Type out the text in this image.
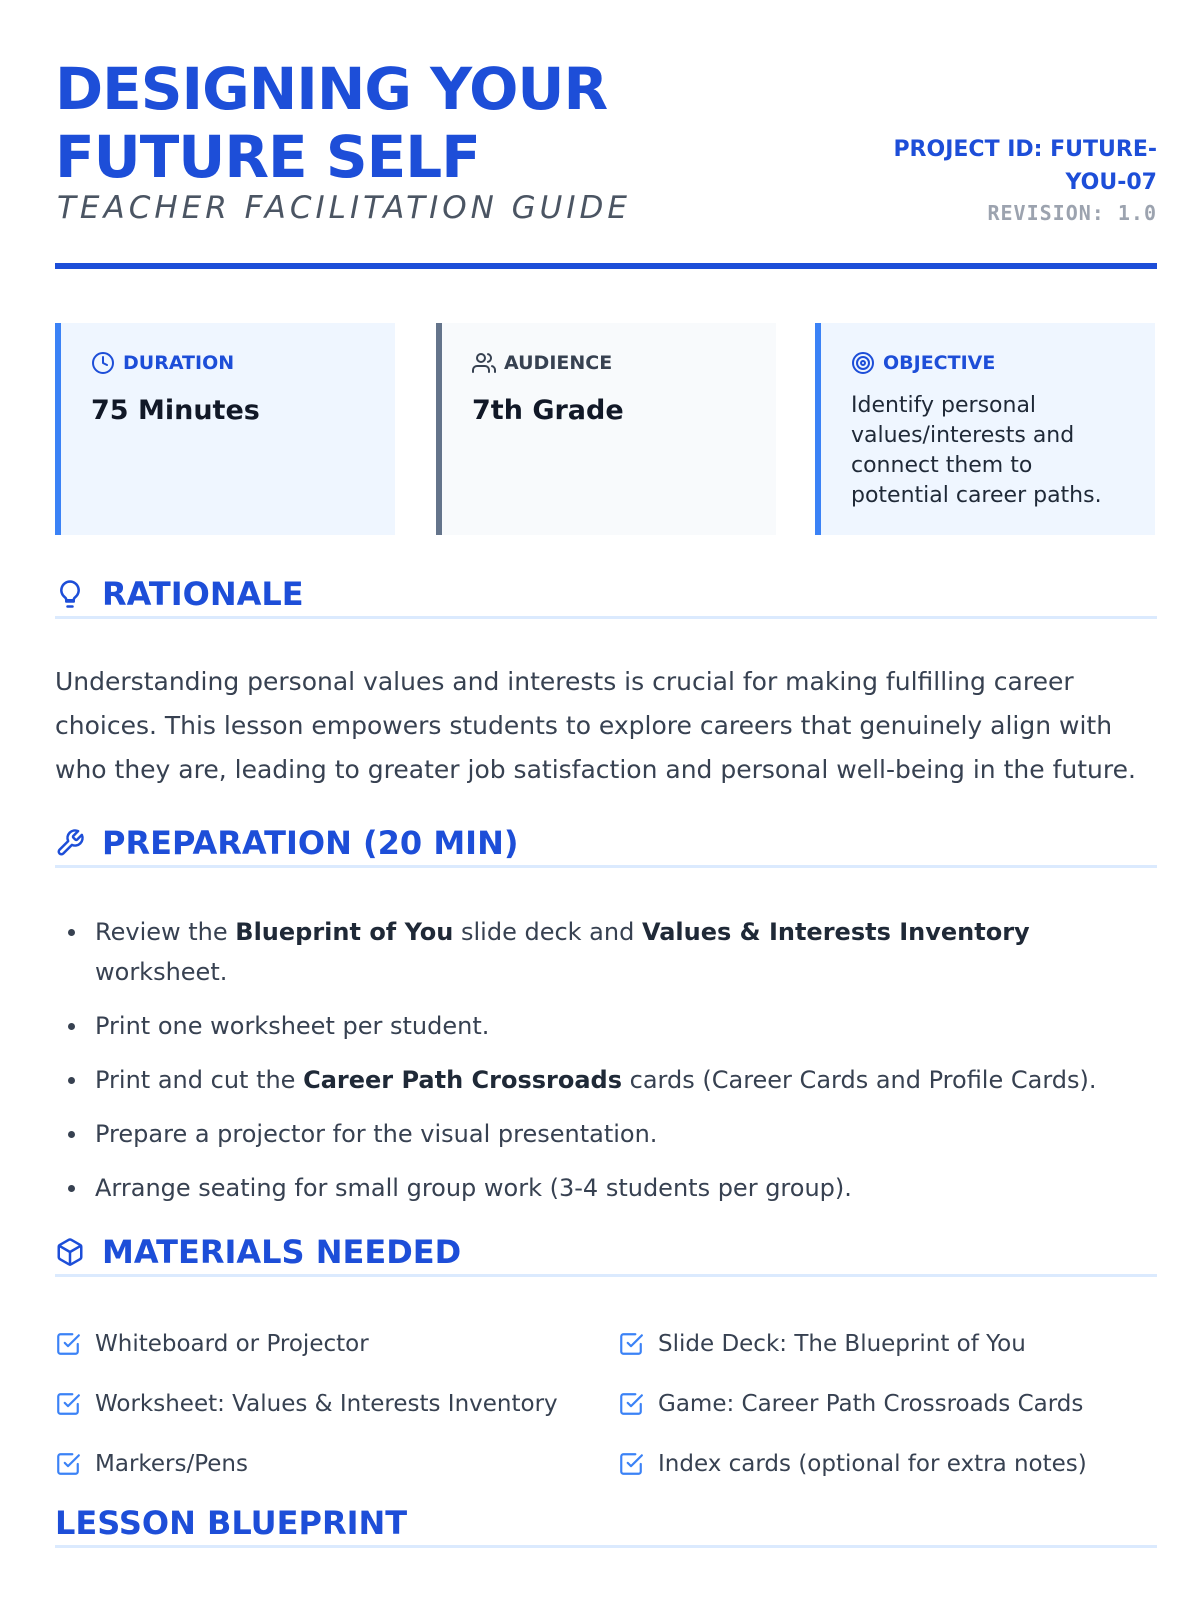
DESIGNING YOUR FUTURE SELF
TEACHER FACILITATION GUIDE
PROJECT ID: FUTURE-YOU-07
REVISION: 1.0
DURATION
75 Minutes
AUDIENCE
7th Grade
OBJECTIVE
Identify personal values/interests and connect them to potential career paths.
RATIONALE

Understanding personal values and interests is crucial for making fulfilling career choices. This lesson empowers students to explore careers that genuinely align with who they are, leading to greater job satisfaction and personal well-being in the future.

PREPARATION (20 MIN)
Review the Blueprint of You slide deck and Values & Interests Inventory worksheet.
Print one worksheet per student.
Print and cut the Career Path Crossroads cards (Career Cards and Profile Cards).
Prepare a projector for the visual presentation.
Arrange seating for small group work (3-4 students per group).
MATERIALS NEEDED
Whiteboard or Projector	Slide Deck: The Blueprint of You
Worksheet: Values & Interests Inventory	Game: Career Path Crossroads Cards
Markers/Pens	Index cards (optional for extra notes)
LESSON BLUEPRINT
